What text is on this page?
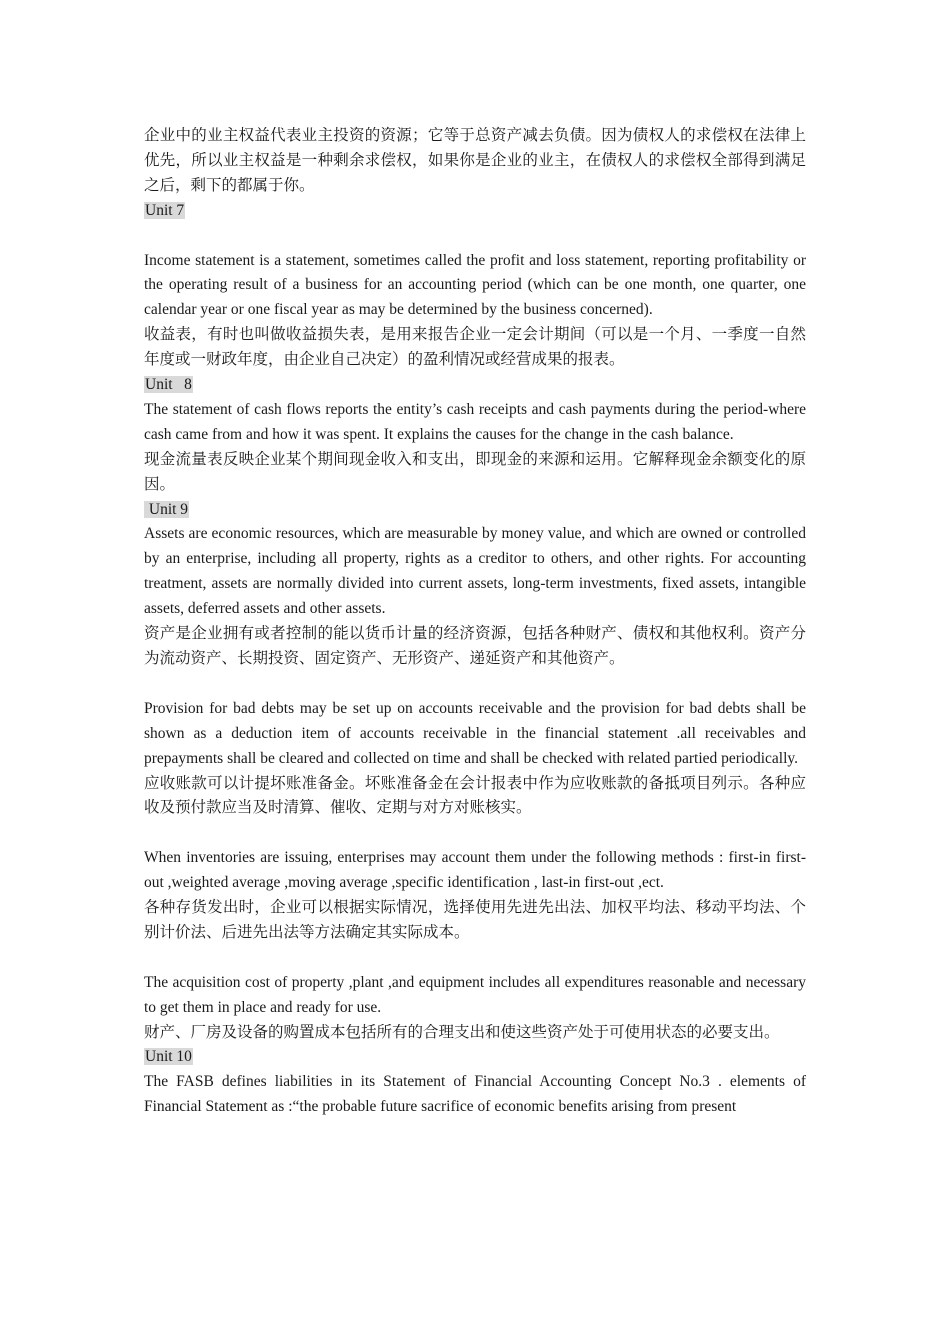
企业中的业主权益代表业主投资的资源；它等于总资产减去负债。因为债权人的求偿权在法律上优先，所以业主权益是一种剩余求偿权，如果你是企业的业主，在债权人的求偿权全部得到满足之后，剩下的都属于你。

Unit 7

Income statement is a statement, sometimes called the profit and loss statement, reporting profitability or the operating result of a business for an accounting period (which can be one month, one quarter, one calendar year or one fiscal year as may be determined by the business concerned).

收益表，有时也叫做收益损失表，是用来报告企业一定会计期间（可以是一个月、一季度一自然年度或一财政年度，由企业自己决定）的盈利情况或经营成果的报表。

Unit   8

The statement of cash flows reports the entity’s cash receipts and cash payments during the period-where cash came from and how it was spent. It explains the causes for the change in the cash balance.

现金流量表反映企业某个期间现金收入和支出，即现金的来源和运用。它解释现金余额变化的原因。

Unit 9

Assets are economic resources, which are measurable by money value, and which are owned or controlled by an enterprise, including all property, rights as a creditor to others, and other rights. For accounting treatment, assets are normally divided into current assets, long-term investments, fixed assets, intangible assets, deferred assets and other assets.

资产是企业拥有或者控制的能以货币计量的经济资源，包括各种财产、债权和其他权利。资产分为流动资产、长期投资、固定资产、无形资产、递延资产和其他资产。

Provision for bad debts may be set up on accounts receivable and the provision for bad debts shall be shown as a deduction item of accounts receivable in the financial statement .all receivables and prepayments shall be cleared and collected on time and shall be checked with related partied periodically.

应收账款可以计提坏账准备金。坏账准备金在会计报表中作为应收账款的备抵项目列示。各种应收及预付款应当及时清算、催收、定期与对方对账核实。

When inventories are issuing, enterprises may account them under the following methods : first-in first-out ,weighted average ,moving average ,specific identification , last-in first-out ,ect.

各种存货发出时，企业可以根据实际情况，选择使用先进先出法、加权平均法、移动平均法、个别计价法、后进先出法等方法确定其实际成本。

The acquisition cost of property ,plant ,and equipment includes all expenditures reasonable and necessary to get them in place and ready for use.

财产、厂房及设备的购置成本包括所有的合理支出和使这些资产处于可使用状态的必要支出。

Unit 10

The FASB defines liabilities in its Statement of Financial Accounting Concept No.3 . elements of Financial Statement as :“the probable future sacrifice of economic benefits arising from present
